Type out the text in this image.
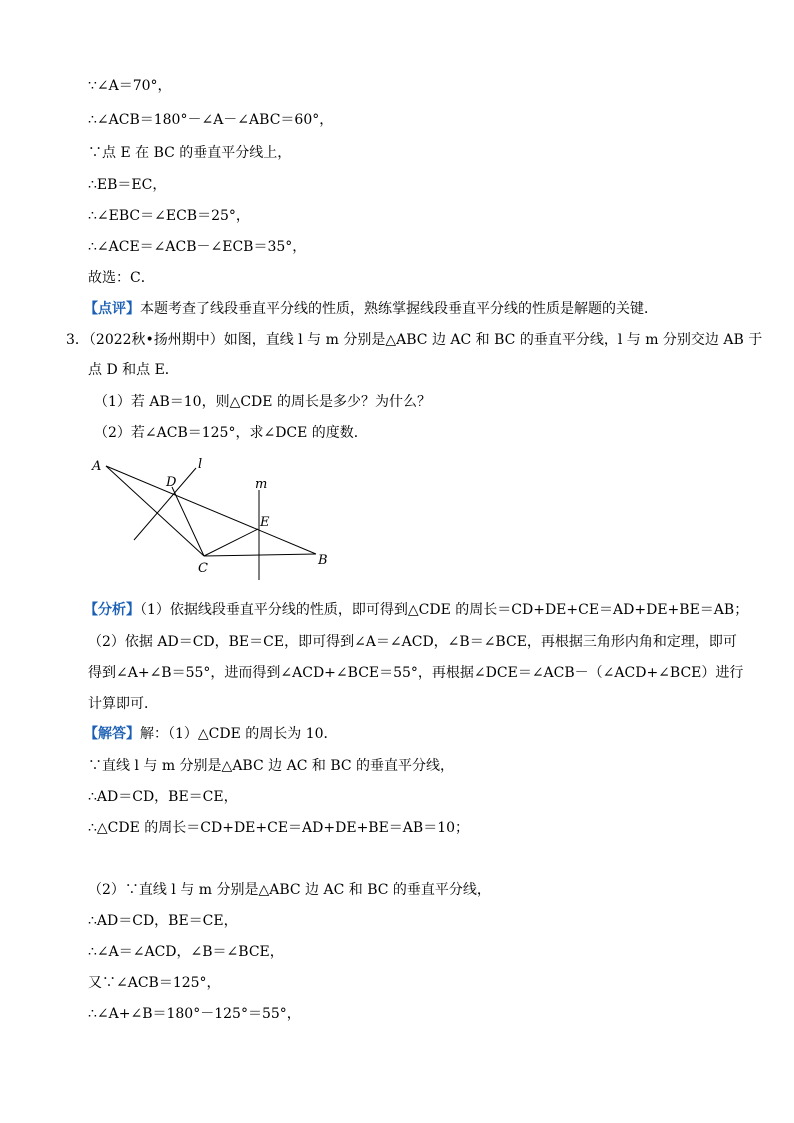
∵∠A＝70°，
∴∠ACB＝180°－∠A－∠ABC＝60°，
∵点 E 在 BC 的垂直平分线上，
∴EB＝EC，
∴∠EBC＝∠ECB＝25°，
∴∠ACE＝∠ACB－∠ECB＝35°，
故选：C．
【点评】本题考查了线段垂直平分线的性质，熟练掌握线段垂直平分线的性质是解题的关键．
3．（2022秋•扬州期中）如图，直线 l 与 m 分别是△ABC 边 AC 和 BC 的垂直平分线，l 与 m 分别交边 AB 于
点 D 和点 E．
（1）若 AB＝10，则△CDE 的周长是多少？为什么？
（2）若∠ACB＝125°，求∠DCE 的度数．
A
B
C
D
E
l
m
【分析】（1）依据线段垂直平分线的性质，即可得到△CDE 的周长＝CD+DE+CE＝AD+DE+BE＝AB；
（2）依据 AD＝CD，BE＝CE，即可得到∠A＝∠ACD，∠B＝∠BCE，再根据三角形内角和定理，即可
得到∠A+∠B＝55°，进而得到∠ACD+∠BCE＝55°，再根据∠DCE＝∠ACB－（∠ACD+∠BCE）进行
计算即可．
【解答】解：（1）△CDE 的周长为 10．
∵直线 l 与 m 分别是△ABC 边 AC 和 BC 的垂直平分线，
∴AD＝CD，BE＝CE，
∴△CDE 的周长＝CD+DE+CE＝AD+DE+BE＝AB＝10；
（2）∵直线 l 与 m 分别是△ABC 边 AC 和 BC 的垂直平分线，
∴AD＝CD，BE＝CE，
∴∠A＝∠ACD，∠B＝∠BCE，
又∵∠ACB＝125°，
∴∠A+∠B＝180°－125°＝55°，
